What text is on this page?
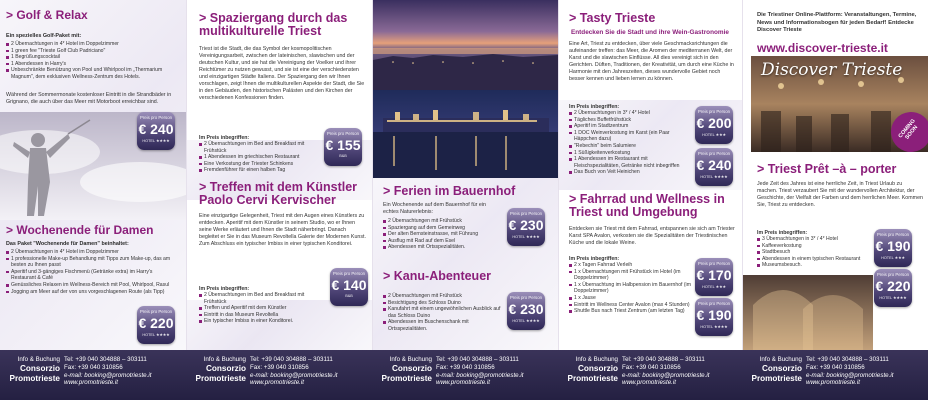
> Golf & Relax
Ein spezielles Golf-Paket mit:
2 Übernachtungen in 4* Hotel im Doppelzimmer
1 green fee "Trieste Golf Club Padriciano"
1 Begrüßungscocktail
1 Abendessen in Harry's
Unbeschränkte Benützung von Pool und Whirlpool im „Thermarium Magnum", dem exklusiven Wellness-Zentrum des Hotels.
Während der Sommermonate kostenloser Eintritt in die Strandbäder in Grignano, die auch über das Meer mit Motorboot erreichbar sind.
Preis pro Person
€ 240
HOTEL ★★★★
> Wochenende für Damen
Das Paket "Wochenende für Damen" beinhaltet:
2 Übernachtungen in 4* Hotel im Doppelzimmer
1 professionelle Make-up Behandlung mit Tipps zum Make-up, das am besten zu Ihnen passt
Aperitif und 3-gängiges Fischmenü (Getränke extra) im Harry's Restaurant & Café
Genüssliches Relaxen im Wellness-Bereich mit Pool, Whirlpool, Rasul
Jogging am Meer auf der von uns vorgeschlagenen Route (als Tipp)
Preis pro Person
€ 220
HOTEL ★★★★
> Spaziergang durch das multikulturelle Triest
Triest ist die Stadt, die das Symbol der kosmopolitischen Vereinigungsarbeit, zwischen der lateinischen, slawischen und der deutschen Kultur, und sie hat die Vereinigung der Voelker und ihrer Reichtümer zu nutzen gewusst, und sie ist eine der verschiedensten und einzigartigen Städte Italiens. Der Spaziergang den wir Ihnen vorschlagen, zeigt Ihnen die multikulturellen Aspekte der Stadt, die Sie in den Gebäuden, den historischen Palästen und den Kirchen der verschiedenen Konfessionen finden.
Im Preis inbegriffen:
2 Übernachtungen im Bed and Breakfast mit Frühstück
1 Abendessen im griechischen Restaurant
Eine Verkostung der Triester Schinkens
Fremdenführer für einen halben Tag
Preis pro Person
€ 155
B&B
> Treffen mit dem Künstler Paolo Cervi Kervischer
Eine einzigartige Gelegenheit, Triest mit den Augen eines Künstlers zu entdecken. Aperitif mit dem Künstler in seinem Studio, wo er Ihnen seine Werke erläutert und Ihnen die Stadt näherbringt. Danach begleitet er Sie in das Museum Revoltella Galerie der Modernen Kunst. Zum Abschluss ein typischer Imbiss in einer typischen Konditorei.
Im Preis inbegriffen:
2 Übernachtungen im Bed and Breakfast mit Frühstück
Treffen und Aperitif mit dem Künstler
Eintritt in das Museum Revoltella
Ein typischer Imbiss in einer Konditorei.
Preis pro Person
€ 140
B&B
> Ferien im Bauernhof
Ein Wochenende auf dem Bauernhof für ein echtes Naturerlebnis:
2 Übernachtungen mit Frühstück
Spaziergang auf dem Gemeinweg
Der alten Bernsteinstrasse, mit Führung
Ausflug mit Rad auf dem Esel
Abendessen mit Ortsspezialitäten.
Preis pro Person
€ 230
HOTEL ★★★★
> Kanu-Abenteuer
2 Übernachtungen mit Frühstück
Besichtigung des Schloss Duino
Kanufahrt mit einem ungewöhnlichen Ausblick auf das Schloss Duino
Abendessen im Buschenschank mit Ortsspezialitäten.
Preis pro Person
€ 230
HOTEL ★★★★
> Tasty Trieste
Entdecken Sie die Stadt und ihre Wein-Gastronomie
Eine Art, Triest zu entdecken, über viele Geschmacksrichtungen die aufeinander treffen: das Meer, die Aromen der mediterranen Welt, der Karst und die slawischen Einflüsse. All dies vereinigt sich in den Gerichten. Düften, Traditionen, der Kreativität, um durch eine Küche in Harmonie mit den Jahreszeiten, dieses wundervolle Gebiet noch besser kennen und lieben lernen zu können.
Im Preis inbegriffen:
2 Übernachtungen in 3* / 4* Hotel
Tägliches Buffetfrühstück
Aperitif im Stadtzentrum
1 DOC Weinverkostung im Karst (ein Paar Häppchen dazu)
"Rebechin" beim Salumiere
1 Süßigkeitenverkostung
1 Abendessen im Restaurant mit Fleischspezialitäten, Getränke nicht inbegriffen
Das Buch von Veit Heinichen
Preis pro Person
€ 200
HOTEL ★★★
Preis pro Person
€ 240
HOTEL ★★★★
> Fahrrad und Wellness in Triest und Umgebung
Entdecken sie Triest mit dem Fahrrad, entspannen sie sich am Triester Karst SPA Avalon, verkosten sie die Spezialitäten der Triestinischen Küche und die lokale Weine.
Im Preis inbegriffen:
2 x Tagen Fahrrad Verleih
1 x Übernachtungen mit Frühstück im Hotel (im Doppelzimmer)
1 x Übernachtung im Halbpension im Bauernhof (im Doppelzimmer)
1 x Jause
Eintritt im Wellness Center Avalon (max 4 Stunden)
Shuttle Bus nach Triest Zentrum (am letzten Tag)
Preis pro Person
€ 170
HOTEL ★★★
Preis pro Person
€ 190
HOTEL ★★★★
Die Triestiner Online-Plattform: Veranstaltungen, Termine, News und Informationsbogen für jeden Bedarf! Entdecke Discover Trieste
www.discover-trieste.it
Discover Trieste
COMING SOON
> Triest Prêt –à – porter
Jede Zeit des Jahres ist eine herrliche Zeit, in Triest Urlaub zu machen. Triest verzaubert Sie mit der wundervollen Architektur, der Geschichte, der Vielfalt der Farben und dem herrlichen Meer. Kommen Sie, Triest zu entdecken.
Im Preis inbegriffen:
3 Übernachtungen in 3* / 4* Hotel
Kaffeeverkostung
Stadtbesuch
Abendessen in einem typischen Restaurant
Museumsbesuch.
Preis pro Person
€ 190
HOTEL ★★★
Preis pro Person
€ 220
HOTEL ★★★★
Info & Buchung
Consorzio
Promotrieste
Tel: +39 040 304888 – 303111
Fax: +39 040 310856
e-mail: booking@promotrieste.it
www.promotrieste.it
Info & Buchung
Consorzio
Promotrieste
Tel: +39 040 304888 – 303111
Fax: +39 040 310856
e-mail: booking@promotrieste.it
www.promotrieste.it
Info & Buchung
Consorzio
Promotrieste
Tel: +39 040 304888 – 303111
Fax: +39 040 310856
e-mail: booking@promotrieste.it
www.promotrieste.it
Info & Buchung
Consorzio
Promotrieste
Tel: +39 040 304888 – 303111
Fax: +39 040 310856
e-mail: booking@promotrieste.it
www.promotrieste.it
Info & Buchung
Consorzio
Promotrieste
Tel: +39 040 304888 – 303111
Fax: +39 040 310856
e-mail: booking@promotrieste.it
www.promotrieste.it
